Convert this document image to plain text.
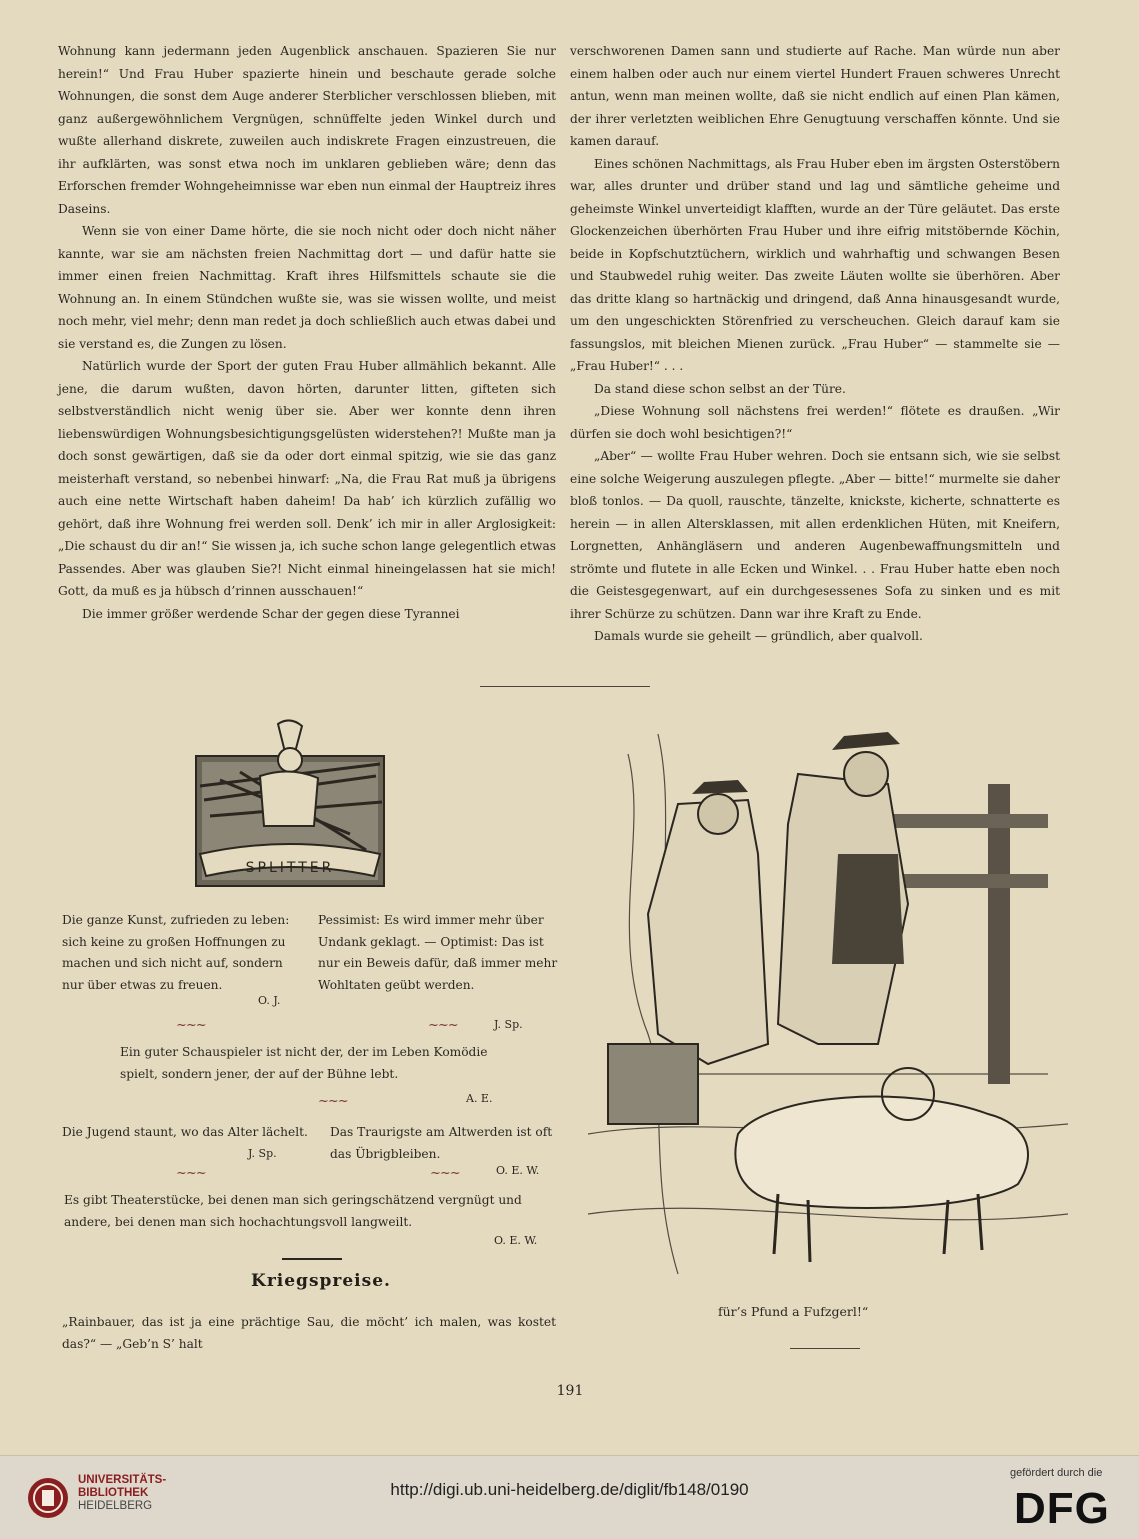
Wohnung kann jedermann jeden Augenblick anschauen. Spazieren Sie nur herein!“ Und Frau Huber spazierte hinein und beschaute gerade solche Wohnungen, die sonst dem Auge anderer Sterblicher verschlossen blieben, mit ganz außergewöhnlichem Vergnügen, schnüffelte jeden Winkel durch und wußte allerhand diskrete, zuweilen auch indiskrete Fragen einzustreuen, die ihr aufklärten, was sonst etwa noch im unklaren geblieben wäre; denn das Erforschen fremder Wohngeheimnisse war eben nun einmal der Hauptreiz ihres Daseins.

Wenn sie von einer Dame hörte, die sie noch nicht oder doch nicht näher kannte, war sie am nächsten freien Nachmittag dort — und dafür hatte sie immer einen freien Nachmittag. Kraft ihres Hilfsmittels schaute sie die Wohnung an. In einem Stündchen wußte sie, was sie wissen wollte, und meist noch mehr, viel mehr; denn man redet ja doch schließlich auch etwas dabei und sie verstand es, die Zungen zu lösen.

Natürlich wurde der Sport der guten Frau Huber allmählich bekannt. Alle jene, die darum wußten, davon hörten, darunter litten, gifteten sich selbstverständlich nicht wenig über sie. Aber wer konnte denn ihren liebenswürdigen Wohnungsbesichtigungsgelüsten widerstehen?! Mußte man ja doch sonst gewärtigen, daß sie da oder dort einmal spitzig, wie sie das ganz meisterhaft verstand, so nebenbei hinwarf: „Na, die Frau Rat muß ja übrigens auch eine nette Wirtschaft haben daheim! Da hab’ ich kürzlich zufällig wo gehört, daß ihre Wohnung frei werden soll. Denk’ ich mir in aller Arglosigkeit: „Die schaust du dir an!“ Sie wissen ja, ich suche schon lange gelegentlich etwas Passendes. Aber was glauben Sie?! Nicht einmal hineingelassen hat sie mich! Gott, da muß es ja hübsch d’rinnen ausschauen!“

Die immer größer werdende Schar der gegen diese Tyrannei

verschworenen Damen sann und studierte auf Rache. Man würde nun aber einem halben oder auch nur einem viertel Hundert Frauen schweres Unrecht antun, wenn man meinen wollte, daß sie nicht endlich auf einen Plan kämen, der ihrer verletzten weiblichen Ehre Genugtuung verschaffen könnte. Und sie kamen darauf.

Eines schönen Nachmittags, als Frau Huber eben im ärgsten Osterstöbern war, alles drunter und drüber stand und lag und sämtliche geheime und geheimste Winkel unverteidigt klafften, wurde an der Türe geläutet. Das erste Glockenzeichen überhörten Frau Huber und ihre eifrig mitstöbernde Köchin, beide in Kopfschutztüchern, wirklich und wahrhaftig und schwangen Besen und Staubwedel ruhig weiter. Das zweite Läuten wollte sie überhören. Aber das dritte klang so hartnäckig und dringend, daß Anna hinausgesandt wurde, um den ungeschickten Störenfried zu verscheuchen. Gleich darauf kam sie fassungslos, mit bleichen Mienen zurück. „Frau Huber“ — stammelte sie — „Frau Huber!“ . . .

Da stand diese schon selbst an der Türe.

„Diese Wohnung soll nächstens frei werden!“ flötete es draußen. „Wir dürfen sie doch wohl besichtigen?!“

„Aber“ — wollte Frau Huber wehren. Doch sie entsann sich, wie sie selbst eine solche Weigerung auszulegen pflegte. „Aber — bitte!“ murmelte sie daher bloß tonlos. — Da quoll, rauschte, tänzelte, knickste, kicherte, schnatterte es herein — in allen Altersklassen, mit allen erdenklichen Hüten, mit Kneifern, Lorgnetten, Anhängläsern und anderen Augenbewaffnungsmitteln und strömte und flutete in alle Ecken und Winkel. . . Frau Huber hatte eben noch die Geistesgegenwart, auf ein durchgesessenes Sofa zu sinken und es mit ihrer Schürze zu schützen. Dann war ihre Kraft zu Ende.

Damals wurde sie geheilt — gründlich, aber qualvoll.

SPLITTER

Die ganze Kunst, zufrieden zu leben: sich keine zu großen Hoffnungen zu machen und sich nicht auf, sondern nur über etwas zu freuen.

O. J.

Pessimist: Es wird immer mehr über Undank geklagt. — Optimist: Das ist nur ein Beweis dafür, daß immer mehr Wohltaten geübt werden.

J. Sp.
~~~	~~~

Ein guter Schauspieler ist nicht der, der im Leben Komödie spielt, sondern jener, der auf der Bühne lebt.

A. E.
~~~

Die Jugend staunt, wo das Alter lächelt.

J. Sp.

Das Traurigste am Altwerden ist oft das Übrigbleiben.

O. E. W.
~~~	~~~

Es gibt Theaterstücke, bei denen man sich geringschätzend vergnügt und andere, bei denen man sich hochachtungsvoll langweilt.

O. E. W.
Kriegspreise.

„Rainbauer, das ist ja eine prächtige Sau, die möcht’ ich malen, was kostet das?“ — „Geb’n S’ halt

für’s Pfund a Fufzgerl!“
191
UNIVERSITÄTS-
BIBLIOTHEK
HEIDELBERG
http://digi.ub.uni-heidelberg.de/diglit/fb148/0190
gefördert durch die
DFG
